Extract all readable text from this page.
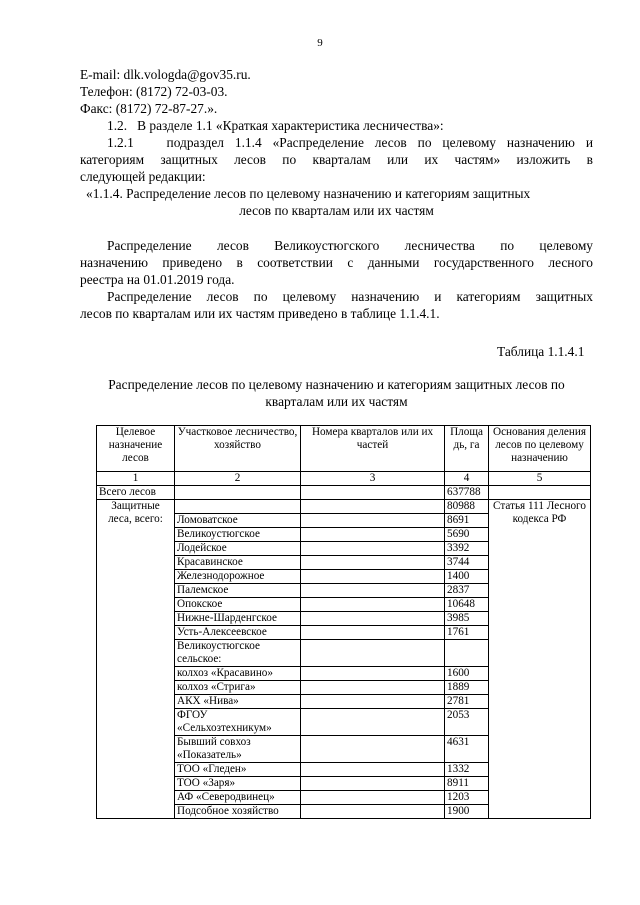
9
E-mail: dlk.vologda@gov35.ru.
Телефон: (8172) 72-03-03.
Факс: (8172) 72-87-27.».
1.2.   В разделе 1.1 «Краткая характеристика лесничества»:
1.2.1   подраздел 1.1.4 «Распределение лесов по целевому назначению и
категориям защитных лесов по кварталам или их частям» изложить в
следующей редакции:
«1.1.4. Распределение лесов по целевому назначению и категориям защитных
лесов по кварталам или их частям
Распределение лесов Великоустюгского лесничества по целевому
назначению приведено в соответствии с данными государственного лесного
реестра на 01.01.2019 года.
Распределение лесов по целевому назначению и категориям защитных
лесов по кварталам или их частям приведено в таблице 1.1.4.1.
Таблица 1.1.4.1
Распределение лесов по целевому назначению и категориям защитных лесов по
кварталам или их частям
Целевое назначение лесов	Участковое лесничество, хозяйство	Номера кварталов или их частей	Площа дь, га	Основания деления лесов по целевому назначению
1	2	3	4	5
Всего лесов			637788	
Защитные леса, всего:			80988	Статья 111 Лесного кодекса РФ
	Ломоватское		8691	
	Великоустюгское		5690	
	Лодейское		3392	
	Красавинское		3744	
	Железнодорожное		1400	
	Палемское		2837	
	Опокское		10648	
	Нижне-Шарденгское		3985	
	Усть-Алексеевское		1761	
	Великоустюгское сельское:			
	колхоз «Красавино»		1600	
	колхоз «Стрига»		1889	
	АКХ «Нива»		2781	
	ФГОУ «Сельхозтехникум»		2053	
	Бывший совхоз «Показатель»		4631	
	ТОО «Гледен»		1332	
	ТОО «Заря»		8911	
	АФ «Северодвинец»		1203	
	Подсобное хозяйство		1900	
